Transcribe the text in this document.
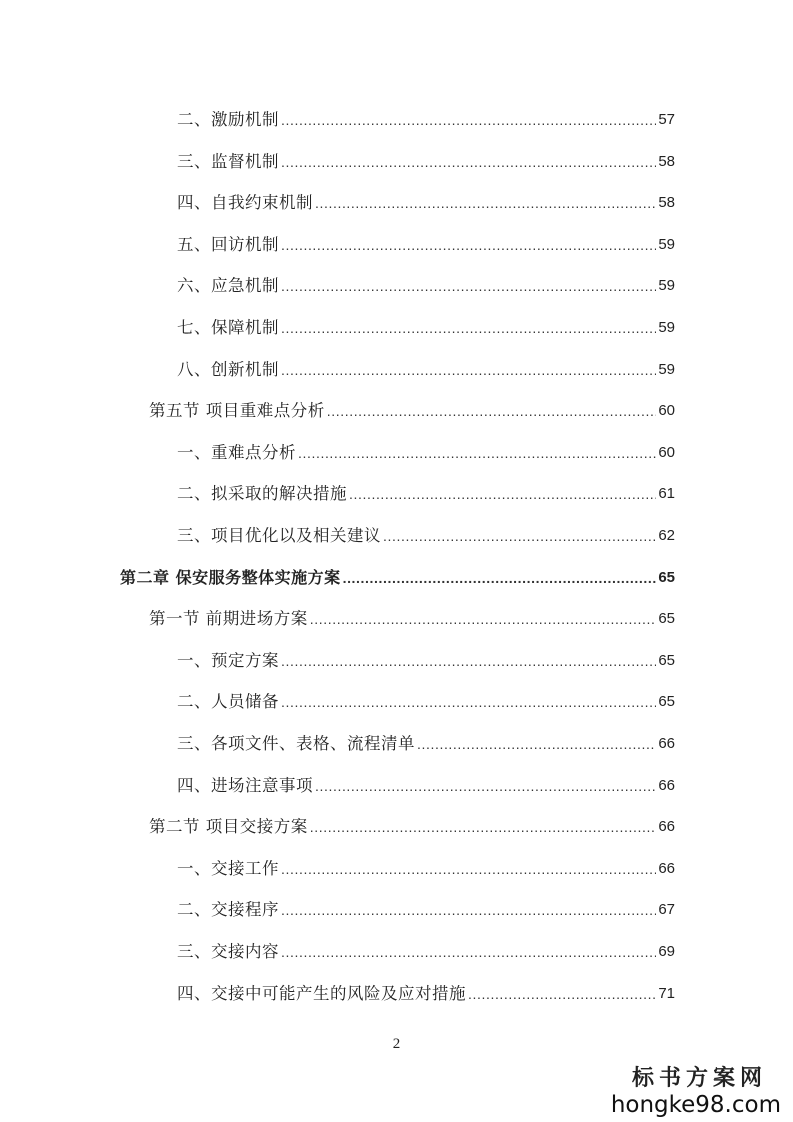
二、激励机制 .....	57
三、监督机制 .....	58
四、自我约束机制 .....	58
五、回访机制 .....	59
六、应急机制 .....	59
七、保障机制 .....	59
八、创新机制 .....	59
第五节 项目重难点分析 .....	60
一、重难点分析 .....	60
二、拟采取的解决措施 .....	61
三、项目优化以及相关建议 .....	62
第二章 保安服务整体实施方案 .....	65
第一节 前期进场方案 .....	65
一、预定方案 .....	65
二、人员储备 .....	65
三、各项文件、表格、流程清单 .....	66
四、进场注意事项 .....	66
第二节 项目交接方案 .....	66
一、交接工作 .....	66
二、交接程序 .....	67
三、交接内容 .....	69
四、交接中可能产生的风险及应对措施 .....	71
2
标书方案网
hongke98.com
